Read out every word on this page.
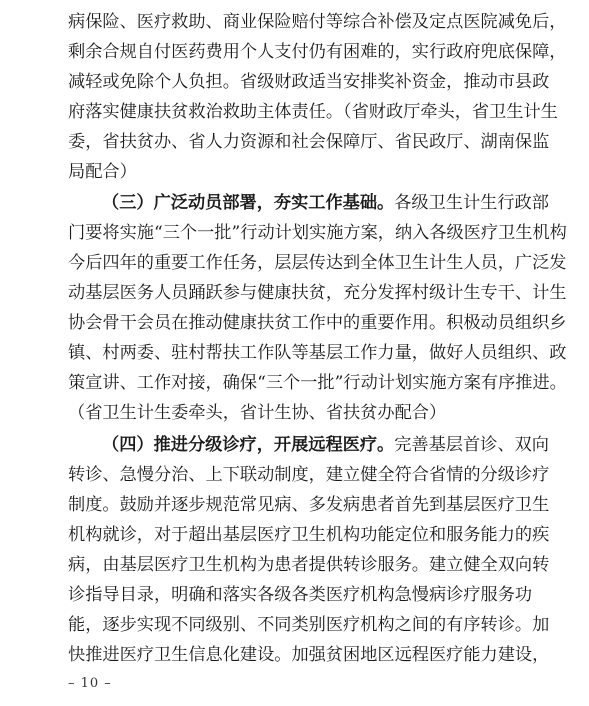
病保险、医疗救助、商业保险赔付等综合补偿及定点医院减免后，
剩余合规自付医药费用个人支付仍有困难的，实行政府兜底保障，
减轻或免除个人负担。省级财政适当安排奖补资金，推动市县政
府落实健康扶贫救治救助主体责任。（省财政厅牵头，省卫生计生
委，省扶贫办、省人力资源和社会保障厅、省民政厅、湖南保监
局配合）
（三）广泛动员部署，夯实工作基础。各级卫生计生行政部
门要将实施“三个一批”行动计划实施方案，纳入各级医疗卫生机构
今后四年的重要工作任务，层层传达到全体卫生计生人员，广泛发
动基层医务人员踊跃参与健康扶贫，充分发挥村级计生专干、计生
协会骨干会员在推动健康扶贫工作中的重要作用。积极动员组织乡
镇、村两委、驻村帮扶工作队等基层工作力量，做好人员组织、政
策宣讲、工作对接，确保“三个一批”行动计划实施方案有序推进。
（省卫生计生委牵头，省计生协、省扶贫办配合）
（四）推进分级诊疗，开展远程医疗。完善基层首诊、双向
转诊、急慢分治、上下联动制度，建立健全符合省情的分级诊疗
制度。鼓励并逐步规范常见病、多发病患者首先到基层医疗卫生
机构就诊，对于超出基层医疗卫生机构功能定位和服务能力的疾
病，由基层医疗卫生机构为患者提供转诊服务。建立健全双向转
诊指导目录，明确和落实各级各类医疗机构急慢病诊疗服务功
能，逐步实现不同级别、不同类别医疗机构之间的有序转诊。加
快推进医疗卫生信息化建设。加强贫困地区远程医疗能力建设，
– 10 –
